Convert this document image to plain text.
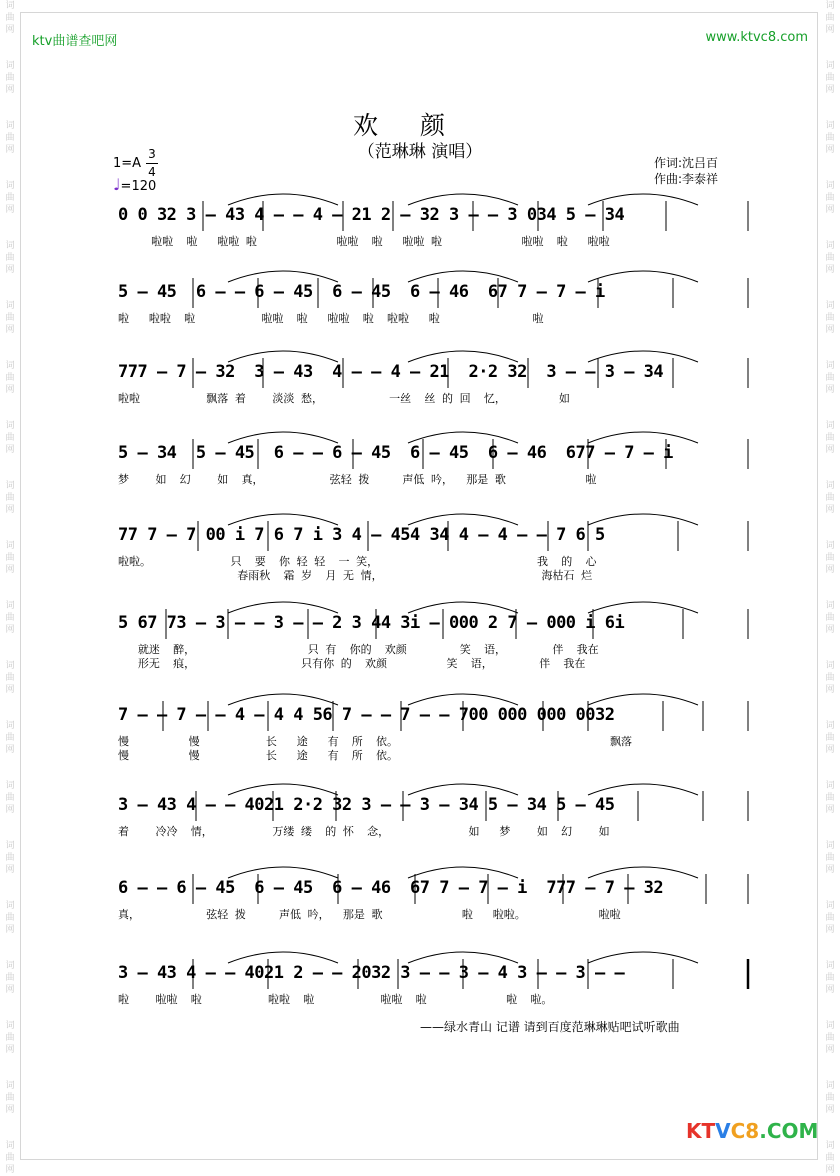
词曲网
词曲网
词曲网
词曲网
词曲网
词曲网
词曲网
词曲网
词曲网
词曲网
词曲网
词曲网
词曲网
词曲网
词曲网
词曲网
词曲网
词曲网
词曲网
词曲网
词曲网
词曲网
词曲网
词曲网
词曲网
词曲网
词曲网
词曲网
词曲网
词曲网
词曲网
词曲网
词曲网
词曲网
词曲网
词曲网
词曲网
词曲网
词曲网
词曲网
ktv曲谱查吧网	www.ktvc8.com
欢颜
（范琳琳 演唱）
1=A
3
4
♩=120
作词:沈吕百
作曲:李泰祥
0 0 32 3 — 43 4 — — 4 — 21 2 — 32 3 — — 3 034 5 — 34
啦啦  啦   啦啦 啦            啦啦  啦   啦啦 啦            啦啦  啦   啦啦
5 — 45  6 — — 6 — 45  6 — 45  6 — 46  67 7 — 7 — i
啦   啦啦  啦          啦啦  啦   啦啦  啦  啦啦   啦              啦
777 — 7 — 32  3 — 43  4 — — 4 — 21  2·2 32  3 — — 3 — 34
啦啦          飘落 着    淡淡 愁，          一丝  丝 的 回  忆，        如
5 — 34  5 — 45  6 — — 6 — 45  6 — 45  6 — 46  677 — 7 — i
梦    如  幻    如  真，          弦轻 拨     声低 吟，  那是 歌            啦
77 7 — 7 00 i 7 6 7 i 3 4 — 454 34 4 — 4 — — 7 6 5
啦啦。            只  要  你 轻 轻  一 笑，                        我  的  心
春雨秋  霜 岁  月 无 情，                        海枯石 烂
5 67 73 — 3 — — 3 — — 2 3 44 3i — 000 2 7 — 000 i 6i
就迷  醉，                 只 有  你的  欢颜        笑  语，       伴  我在
形无  痕，                只有你 的  欢颜         笑  语，       伴  我在
7 — — 7 — — 4 — 4 4 56 7 — — 7 — — 700 000 000 0032
慢         慢          长   途   有  所  依。                                飘落
慢         慢          长   途   有  所  依。
3 — 43 4 — — 4021 2·2 32 3 — — 3 — 34 5 — 34 5 — 45
着    冷冷  情，         万缕 缕  的 怀  念，            如   梦    如  幻    如
6 — — 6 — 45  6 — 45  6 — 46  67 7 — 7 — i  777 — 7 — 32
真，          弦轻 拨     声低 吟，  那是 歌            啦   啦啦。           啦啦
3 — 43 4 — — 4021 2 — — 2032 3 — — 3 — 4 3 — — 3 — —
啦    啦啦  啦          啦啦  啦          啦啦  啦            啦  啦。
——绿水青山 记谱 请到百度范琳琳贴吧试听歌曲
KTVC8.COM
